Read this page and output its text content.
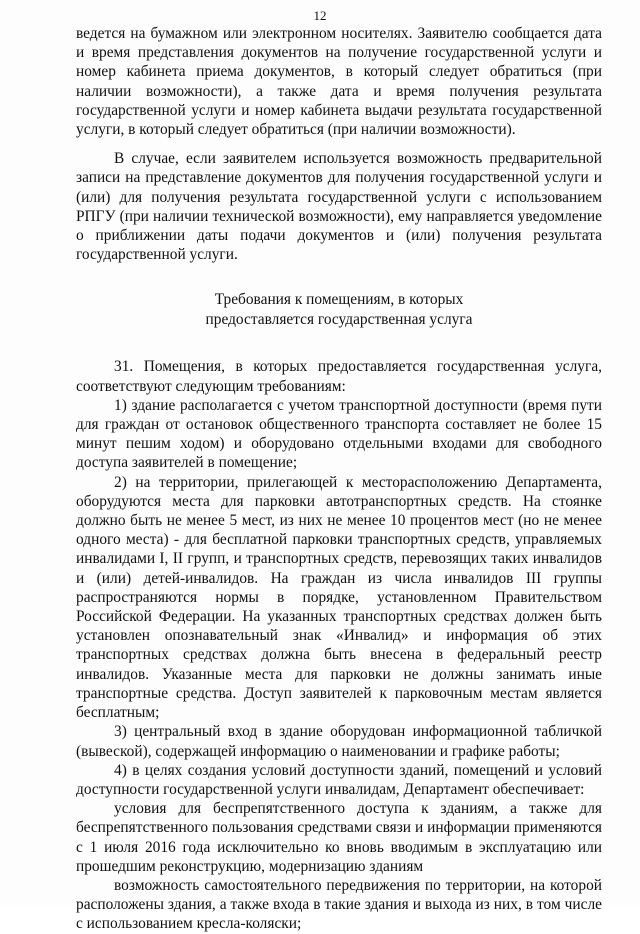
12

ведется на бумажном или электронном носителях. Заявителю сообщается дата и время представления документов на получение государственной услуги и номер кабинета приема документов, в который следует обратиться (при наличии возможности), а также дата и время получения результата государственной услуги и номер кабинета выдачи результата государственной услуги, в который следует обратиться (при наличии возможности).

В случае, если заявителем используется возможность предварительной записи на представление документов для получения государственной услуги и (или) для получения результата государственной услуги с использованием РПГУ (при наличии технической возможности), ему направляется уведомление о приближении даты подачи документов и (или) получения результата государственной услуги.

Требования к помещениям, в которых
предоставляется государственная услуга

31. Помещения, в которых предоставляется государственная услуга, соответствуют следующим требованиям:

1) здание располагается с учетом транспортной доступности (время пути для граждан от остановок общественного транспорта составляет не более 15 минут пешим ходом) и оборудовано отдельными входами для свободного доступа заявителей в помещение;

2) на территории, прилегающей к месторасположению Департамента, оборудуются места для парковки автотранспортных средств. На стоянке должно быть не менее 5 мест, из них не менее 10 процентов мест (но не менее одного места) - для бесплатной парковки транспортных средств, управляемых инвалидами I, II групп, и транспортных средств, перевозящих таких инвалидов и (или) детей-инвалидов. На граждан из числа инвалидов III группы распространяются нормы в порядке, установленном Правительством Российской Федерации. На указанных транспортных средствах должен быть установлен опознавательный знак «Инвалид» и информация об этих транспортных средствах должна быть внесена в федеральный реестр инвалидов. Указанные места для парковки не должны занимать иные транспортные средства. Доступ заявителей к парковочным местам является бесплатным;

3) центральный вход в здание оборудован информационной табличкой (вывеской), содержащей информацию о наименовании и графике работы;

4) в целях создания условий доступности зданий, помещений и условий доступности государственной услуги инвалидам, Департамент обеспечивает:

условия для беспрепятственного доступа к зданиям, а также для беспрепятственного пользования средствами связи и информации применяются с 1 июля 2016 года исключительно ко вновь вводимым в эксплуатацию или прошедшим реконструкцию, модернизацию зданиям

возможность самостоятельного передвижения по территории, на которой расположены здания, а также входа в такие здания и выхода из них, в том числе с использованием кресла-коляски;
